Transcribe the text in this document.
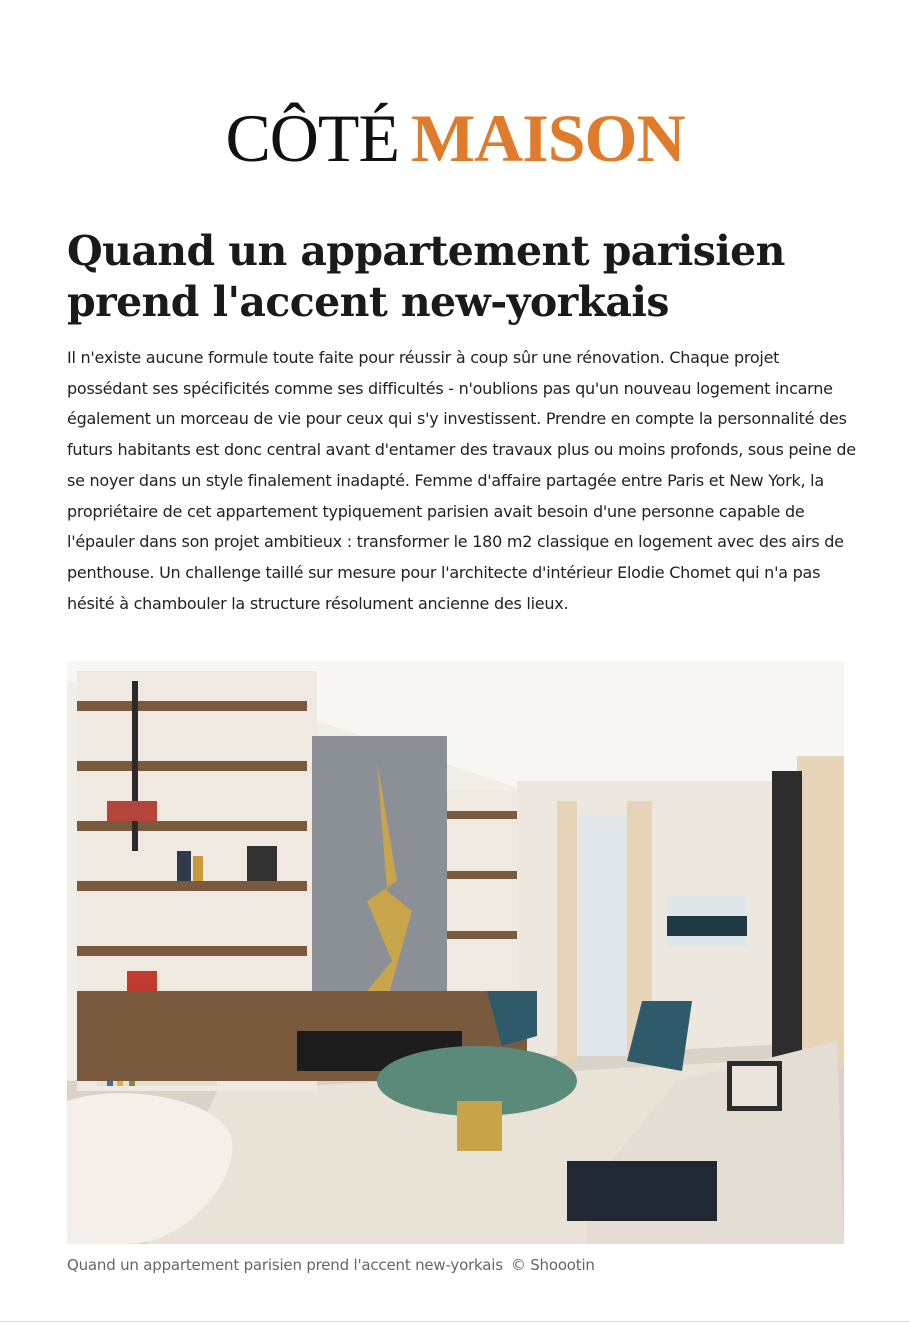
CÔTÉ MAISON
Quand un appartement parisien prend l'accent new-yorkais

Il n'existe aucune formule toute faite pour réussir à coup sûr une rénovation. Chaque projet possédant ses spécificités comme ses difficultés - n'oublions pas qu'un nouveau logement incarne également un morceau de vie pour ceux qui s'y investissent. Prendre en compte la personnalité des futurs habitants est donc central avant d'entamer des travaux plus ou moins profonds, sous peine de se noyer dans un style finalement inadapté. Femme d'affaire partagée entre Paris et New York, la propriétaire de cet appartement typiquement parisien avait besoin d'une personne capable de l'épauler dans son projet ambitieux : transformer le 180 m2 classique en logement avec des airs de penthouse. Un challenge taillé sur mesure pour l'architecte d'intérieur Elodie Chomet qui n'a pas hésité à chambouler la structure résolument ancienne des lieux.

Quand un appartement parisien prend l'accent new-yorkais © Shoootin
